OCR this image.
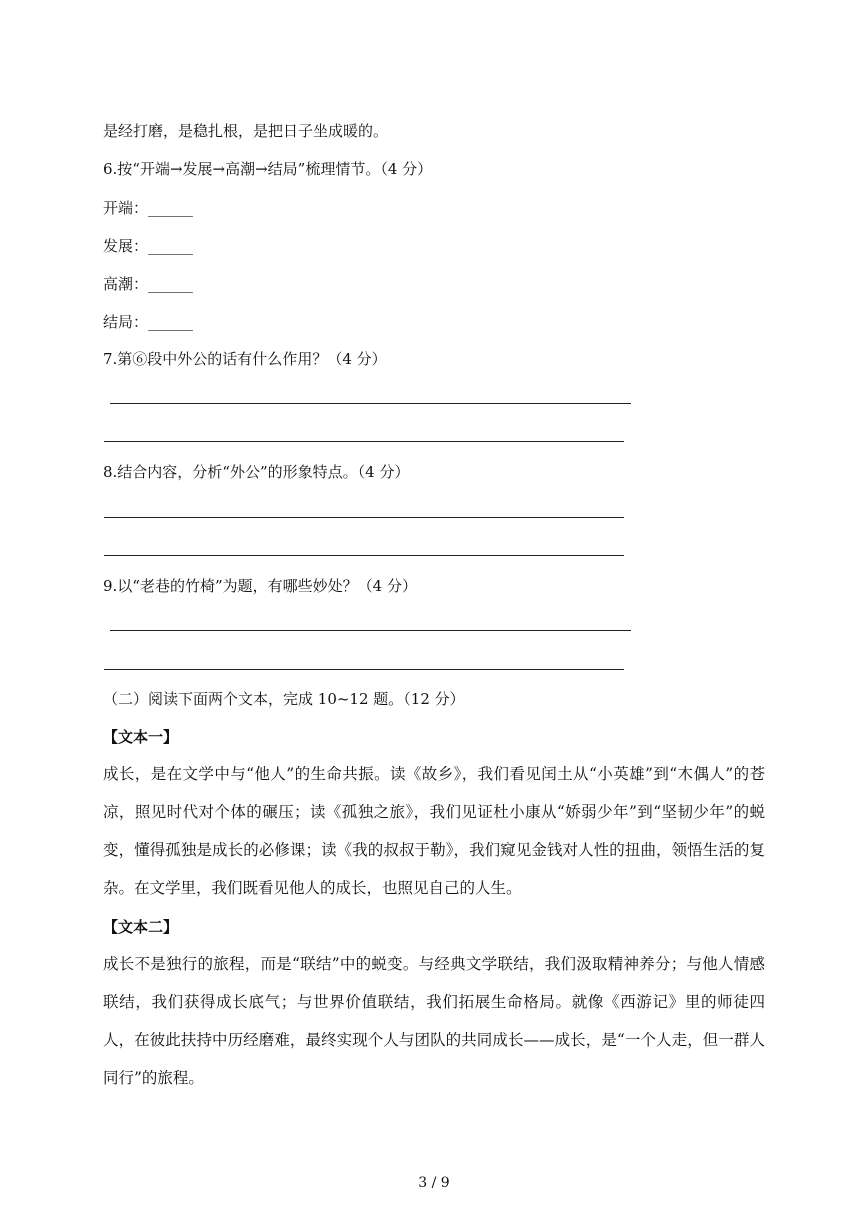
是经打磨，是稳扎根，是把日子坐成暖的。
6.按“开端→发展→高潮→结局”梳理情节。（4 分）
开端：______
发展：______
高潮：______
结局：______
7.第⑥段中外公的话有什么作用？（4 分）
8.结合内容，分析“外公”的形象特点。（4 分）
9.以“老巷的竹椅”为题，有哪些妙处？（4 分）
（二）阅读下面两个文本，完成 10~12 题。（12 分）
【文本一】
成长，是在文学中与“他人”的生命共振。读《故乡》，我们看见闰土从“小英雄”到“木偶人”的苍凉，照见时代对个体的碾压；读《孤独之旅》，我们见证杜小康从“娇弱少年”到“坚韧少年”的蜕变，懂得孤独是成长的必修课；读《我的叔叔于勒》，我们窥见金钱对人性的扭曲，领悟生活的复杂。在文学里，我们既看见他人的成长，也照见自己的人生。
【文本二】
成长不是独行的旅程，而是“联结”中的蜕变。与经典文学联结，我们汲取精神养分；与他人情感联结，我们获得成长底气；与世界价值联结，我们拓展生命格局。就像《西游记》里的师徒四人，在彼此扶持中历经磨难，最终实现个人与团队的共同成长——成长，是“一个人走，但一群人同行”的旅程。
3 / 9
